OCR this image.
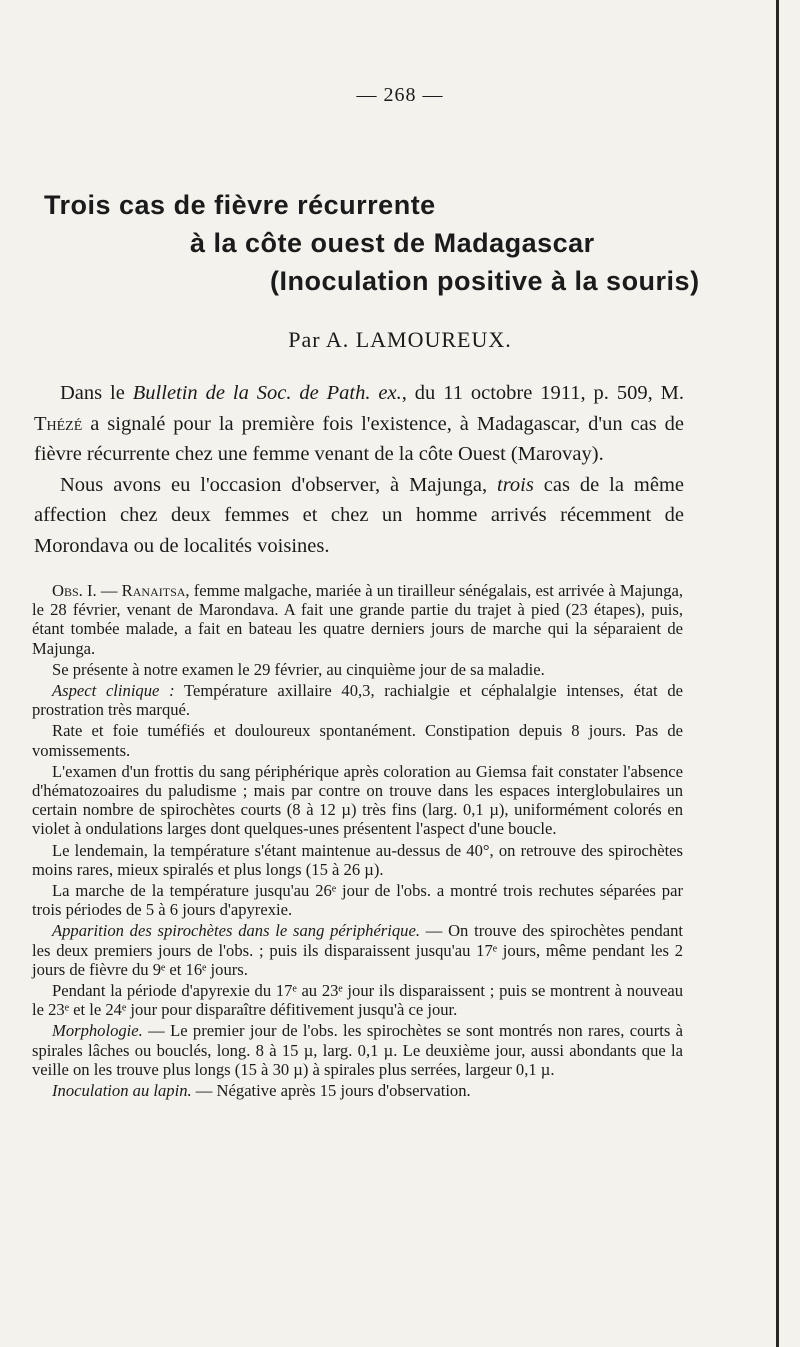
— 268 —
Trois cas de fièvre récurrente
à la côte ouest de Madagascar
(Inoculation positive à la souris)
Par A. LAMOUREUX.

Dans le Bulletin de la Soc. de Path. ex., du 11 octobre 1911, p. 509, M. Thézé a signalé pour la première fois l'existence, à Madagascar, d'un cas de fièvre récurrente chez une femme venant de la côte Ouest (Marovay).

Nous avons eu l'occasion d'observer, à Majunga, trois cas de la même affection chez deux femmes et chez un homme arrivés récemment de Morondava ou de localités voisines.

Obs. I. — Ranaitsa, femme malgache, mariée à un tirailleur sénégalais, est arrivée à Majunga, le 28 février, venant de Marondava. A fait une grande partie du trajet à pied (23 étapes), puis, étant tombée malade, a fait en bateau les quatre derniers jours de marche qui la séparaient de Majunga.

Se présente à notre examen le 29 février, au cinquième jour de sa maladie.

Aspect clinique : Température axillaire 40,3, rachialgie et céphalalgie intenses, état de prostration très marqué.

Rate et foie tuméfiés et douloureux spontanément. Constipation depuis 8 jours. Pas de vomissements.

L'examen d'un frottis du sang périphérique après coloration au Giemsa fait constater l'absence d'hématozoaires du paludisme ; mais par contre on trouve dans les espaces interglobulaires un certain nombre de spirochètes courts (8 à 12 µ) très fins (larg. 0,1 µ), uniformément colorés en violet à ondulations larges dont quelques-unes présentent l'aspect d'une boucle.

Le lendemain, la température s'étant maintenue au-dessus de 40°, on retrouve des spirochètes moins rares, mieux spiralés et plus longs (15 à 26 µ).

La marche de la température jusqu'au 26ᵉ jour de l'obs. a montré trois rechutes séparées par trois périodes de 5 à 6 jours d'apyrexie.

Apparition des spirochètes dans le sang périphérique. — On trouve des spirochètes pendant les deux premiers jours de l'obs. ; puis ils disparaissent jusqu'au 17ᵉ jours, même pendant les 2 jours de fièvre du 9ᵉ et 16ᵉ jours.

Pendant la période d'apyrexie du 17ᵉ au 23ᵉ jour ils disparaissent ; puis se montrent à nouveau le 23ᵉ et le 24ᵉ jour pour disparaître défitivement jusqu'à ce jour.

Morphologie. — Le premier jour de l'obs. les spirochètes se sont montrés non rares, courts à spirales lâches ou bouclés, long. 8 à 15 µ, larg. 0,1 µ. Le deuxième jour, aussi abondants que la veille on les trouve plus longs (15 à 30 µ) à spirales plus serrées, largeur 0,1 µ.

Inoculation au lapin. — Négative après 15 jours d'observation.
